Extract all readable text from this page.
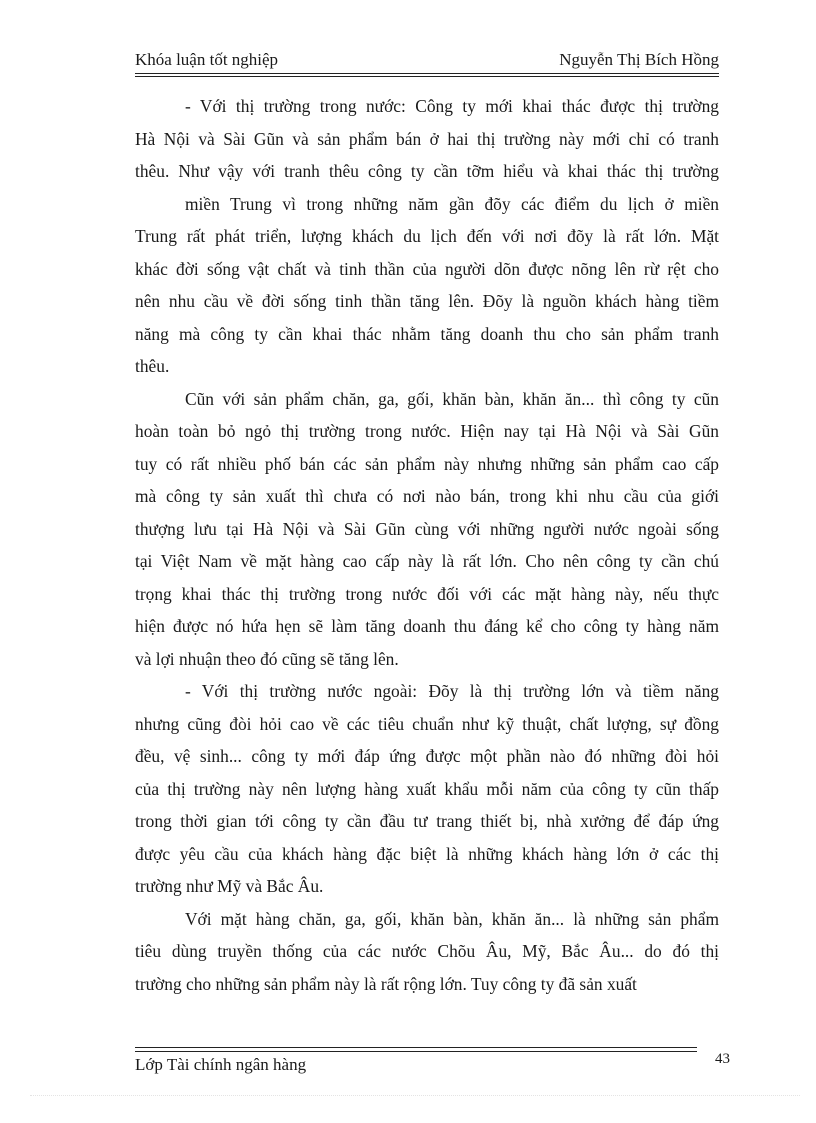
Khóa luận tốt nghiệp	Nguyễn Thị Bích Hồng
- Với thị trường trong nước: Công ty mới khai thác được thị trường
Hà Nội và Sài Gũn và sản phẩm bán ở hai thị trường này mới chỉ có tranh
thêu. Như vậy với tranh thêu công ty cần tỡm hiểu và khai thác thị trường
miền Trung vì trong những năm gần đõy các điểm du lịch ở miền
Trung rất phát triển, lượng khách du lịch đến với nơi đõy là rất lớn. Mặt
khác đời sống vật chất và tinh thần của người dõn được nõng lên rừ rệt cho
nên nhu cầu về đời sống tinh thần tăng lên. Đõy là nguồn khách hàng tiềm
năng mà công ty cần khai thác nhằm tăng doanh thu cho sản phẩm tranh
thêu.
Cũn với sản phẩm chăn, ga, gối, khăn bàn, khăn ăn... thì công ty cũn
hoàn toàn bỏ ngỏ thị trường trong nước. Hiện nay tại Hà Nội và Sài Gũn
tuy có rất nhiều phố bán các sản phẩm này nhưng những sản phẩm cao cấp
mà công ty sản xuất thì chưa có nơi nào bán, trong khi nhu cầu của giới
thượng lưu tại Hà Nội và Sài Gũn cùng với những người nước ngoài sống
tại Việt Nam về mặt hàng cao cấp này là rất lớn. Cho nên công ty cần chú
trọng khai thác thị trường trong nước đối với các mặt hàng này, nếu thực
hiện được nó hứa hẹn sẽ làm tăng doanh thu đáng kể cho công ty hàng năm
và lợi nhuận theo đó cũng sẽ tăng lên.
- Với thị trường nước ngoài: Đõy là thị trường lớn và tiềm năng
nhưng cũng đòi hỏi cao về các tiêu chuẩn như kỹ thuật, chất lượng, sự đồng
đều, vệ sinh... công ty mới đáp ứng được một phần nào đó những đòi hỏi
của thị trường này nên lượng hàng xuất khẩu mỗi năm của công ty cũn thấp
trong thời gian tới công ty cần đầu tư trang thiết bị, nhà xưởng để đáp ứng
được yêu cầu của khách hàng đặc biệt là những khách hàng lớn ở các thị
trường như Mỹ và Bắc Âu.
Với mặt hàng chăn, ga, gối, khăn bàn, khăn ăn... là những sản phẩm
tiêu dùng truyền thống của các nước Chõu Âu, Mỹ, Bắc Âu... do đó thị
trường cho những sản phẩm này là rất rộng lớn. Tuy công ty đã sản xuất
Lớp Tài chính ngân hàng	43
